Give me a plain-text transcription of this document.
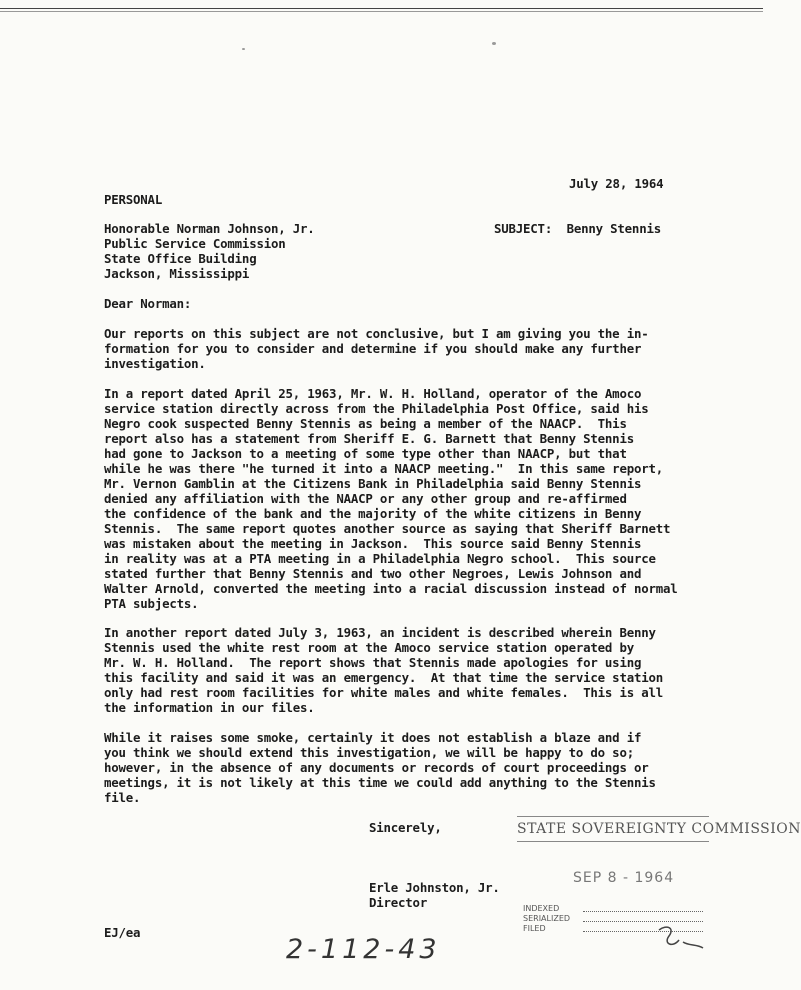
July 28, 1964
PERSONAL
Honorable Norman Johnson, Jr.
Public Service Commission
State Office Building
Jackson, Mississippi
SUBJECT:  Benny Stennis
Dear Norman:
Our reports on this subject are not conclusive, but I am giving you the in-
formation for you to consider and determine if you should make any further
investigation.
In a report dated April 25, 1963, Mr. W. H. Holland, operator of the Amoco
service station directly across from the Philadelphia Post Office, said his
Negro cook suspected Benny Stennis as being a member of the NAACP.  This
report also has a statement from Sheriff E. G. Barnett that Benny Stennis
had gone to Jackson to a meeting of some type other than NAACP, but that
while he was there "he turned it into a NAACP meeting."  In this same report,
Mr. Vernon Gamblin at the Citizens Bank in Philadelphia said Benny Stennis
denied any affiliation with the NAACP or any other group and re-affirmed
the confidence of the bank and the majority of the white citizens in Benny
Stennis.  The same report quotes another source as saying that Sheriff Barnett
was mistaken about the meeting in Jackson.  This source said Benny Stennis
in reality was at a PTA meeting in a Philadelphia Negro school.  This source
stated further that Benny Stennis and two other Negroes, Lewis Johnson and
Walter Arnold, converted the meeting into a racial discussion instead of normal
PTA subjects.
In another report dated July 3, 1963, an incident is described wherein Benny
Stennis used the white rest room at the Amoco service station operated by
Mr. W. H. Holland.  The report shows that Stennis made apologies for using
this facility and said it was an emergency.  At that time the service station
only had rest room facilities for white males and white females.  This is all
the information in our files.
While it raises some smoke, certainly it does not establish a blaze and if
you think we should extend this investigation, we will be happy to do so;
however, in the absence of any documents or records of court proceedings or
meetings, it is not likely at this time we could add anything to the Stennis
file.
Sincerely,
Erle Johnston, Jr.
Director
EJ/ea
2-112-43
STATE SOVEREIGNTY COMMISSION
SEP 8 - 1964
INDEXED
SERIALIZED
FILED
